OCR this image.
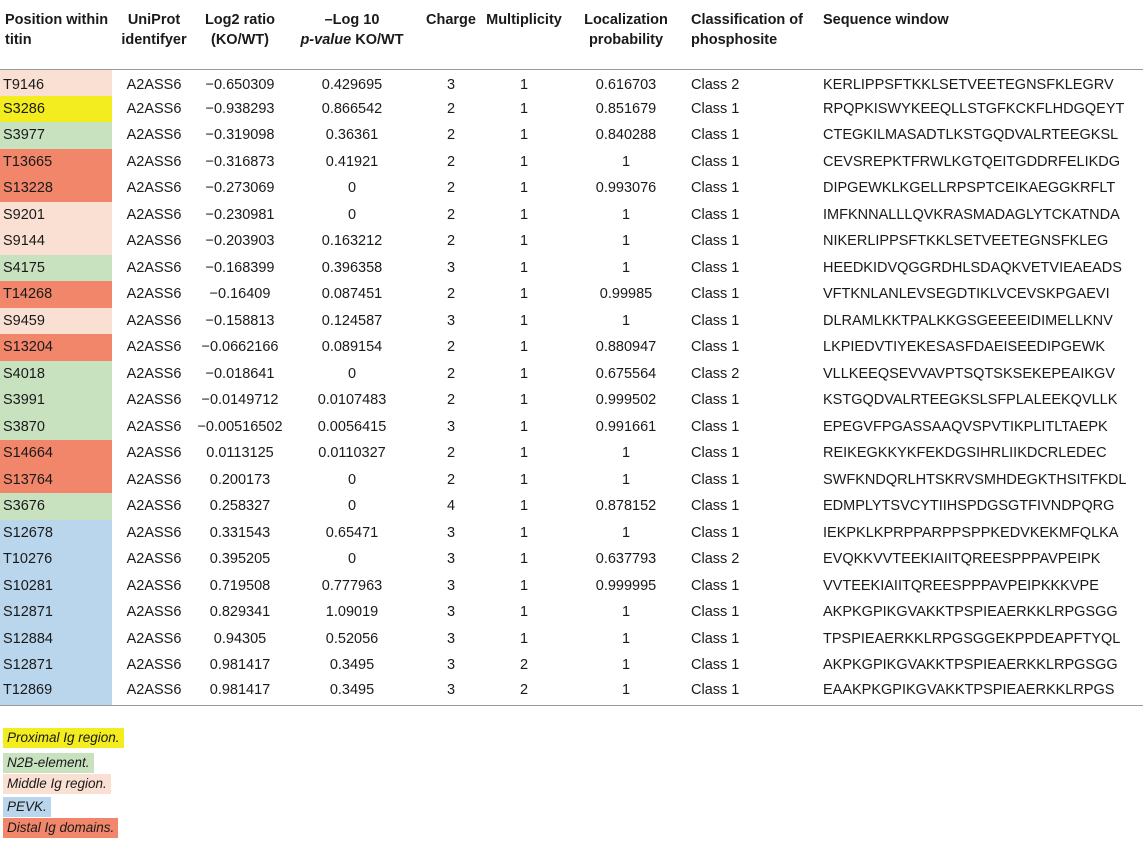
Position within titin	UniProt identifyer	Log2 ratio (KO/WT)	–Log 10
p-value KO/WT	Charge	Multiplicity	Localization probability	Classification of phosphosite	Sequence window
T9146	A2ASS6	−0.650309	0.429695	3	1	0.616703	Class 2	KERLIPPSFTKKLSETVEETEGNSFKLEGRV
S3286	A2ASS6	−0.938293	0.866542	2	1	0.851679	Class 1	RPQPKISWYKEEQLLSTGFKCKFLHDGQEYT
S3977	A2ASS6	−0.319098	0.36361	2	1	0.840288	Class 1	CTEGKILMASADTLKSTGQDVALRTEEGKSL
T13665	A2ASS6	−0.316873	0.41921	2	1	1	Class 1	CEVSREPKTFRWLKGTQEITGDDRFELIKDG
S13228	A2ASS6	−0.273069	0	2	1	0.993076	Class 1	DIPGEWKLKGELLRPSPTCEIKAEGGKRFLT
S9201	A2ASS6	−0.230981	0	2	1	1	Class 1	IMFKNNALLLQVKRASMADAGLYTCKATNDA
S9144	A2ASS6	−0.203903	0.163212	2	1	1	Class 1	NIKERLIPPSFTKKLSETVEETEGNSFKLEG
S4175	A2ASS6	−0.168399	0.396358	3	1	1	Class 1	HEEDKIDVQGGRDHLSDAQKVETVIEAEADS
T14268	A2ASS6	−0.16409	0.087451	2	1	0.99985	Class 1	VFTKNLANLEVSEGDTIKLVCEVSKPGAEVI
S9459	A2ASS6	−0.158813	0.124587	3	1	1	Class 1	DLRAMLKKTPALKKGSGEEEEIDIMELLKNV
S13204	A2ASS6	−0.0662166	0.089154	2	1	0.880947	Class 1	LKPIEDVTIYEKESASFDAEISEEDIPGEWK
S4018	A2ASS6	−0.018641	0	2	1	0.675564	Class 2	VLLKEEQSEVVAVPTSQTSKSEKEPEAIKGV
S3991	A2ASS6	−0.0149712	0.0107483	2	1	0.999502	Class 1	KSTGQDVALRTEEGKSLSFPLALEEKQVLLK
S3870	A2ASS6	−0.00516502	0.0056415	3	1	0.991661	Class 1	EPEGVFPGASSAAQVSPVTIKPLITLTAEPK
S14664	A2ASS6	0.0113125	0.0110327	2	1	1	Class 1	REIKEGKKYKFEKDGSIHRLIIKDCRLEDEC
S13764	A2ASS6	0.200173	0	2	1	1	Class 1	SWFKNDQRLHTSKRVSMHDEGKTHSITFKDL
S3676	A2ASS6	0.258327	0	4	1	0.878152	Class 1	EDMPLYTSVCYTIIHSPDGSGTFIVNDPQRG
S12678	A2ASS6	0.331543	0.65471	3	1	1	Class 1	IEKPKLKPRPPARPPSPPKEDVKEKMFQLKA
T10276	A2ASS6	0.395205	0	3	1	0.637793	Class 2	EVQKKVVTEEKIAIITQREESPPPAVPEIPK
S10281	A2ASS6	0.719508	0.777963	3	1	0.999995	Class 1	VVTEEKIAIITQREESPPPAVPEIPKKKVPE
S12871	A2ASS6	0.829341	1.09019	3	1	1	Class 1	AKPKGPIKGVAKKTPSPIEAERKKLRPGSGG
S12884	A2ASS6	0.94305	0.52056	3	1	1	Class 1	TPSPIEAERKKLRPGSGGEKPPDEAPFTYQL
S12871	A2ASS6	0.981417	0.3495	3	2	1	Class 1	AKPKGPIKGVAKKTPSPIEAERKKLRPGSGG
T12869	A2ASS6	0.981417	0.3495	3	2	1	Class 1	EAAKPKGPIKGVAKKTPSPIEAERKKLRPGS
Proximal Ig region.
N2B-element.
Middle Ig region.
PEVK.
Distal Ig domains.
